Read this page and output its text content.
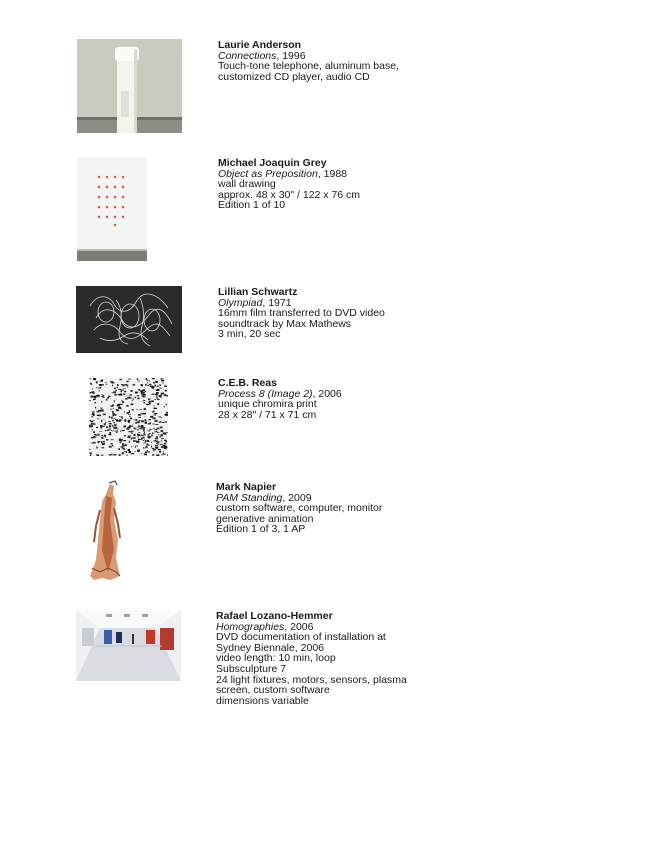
Laurie Anderson
Connections, 1996
Touch-tone telephone, aluminum base,
customized CD player, audio CD
Michael Joaquin Grey
Object as Preposition, 1988
wall drawing
approx. 48 x 30" / 122 x 76 cm
Edition 1 of 10
Lillian Schwartz
Olympiad, 1971
16mm film transferred to DVD video
soundtrack by Max Mathews
3 min, 20 sec
C.E.B. Reas
Process 8 (Image 2), 2006
unique chromira print
28 x 28" / 71 x 71 cm
Mark Napier
PAM Standing, 2009
custom software, computer, monitor
generative animation
Edition 1 of 3, 1 AP
Rafael Lozano-Hemmer
Homographies, 2006
DVD documentation of installation at
Sydney Biennale, 2006
video length: 10 min, loop
Subsculpture 7
24 light fixtures, motors, sensors, plasma
screen, custom software
dimensions variable
